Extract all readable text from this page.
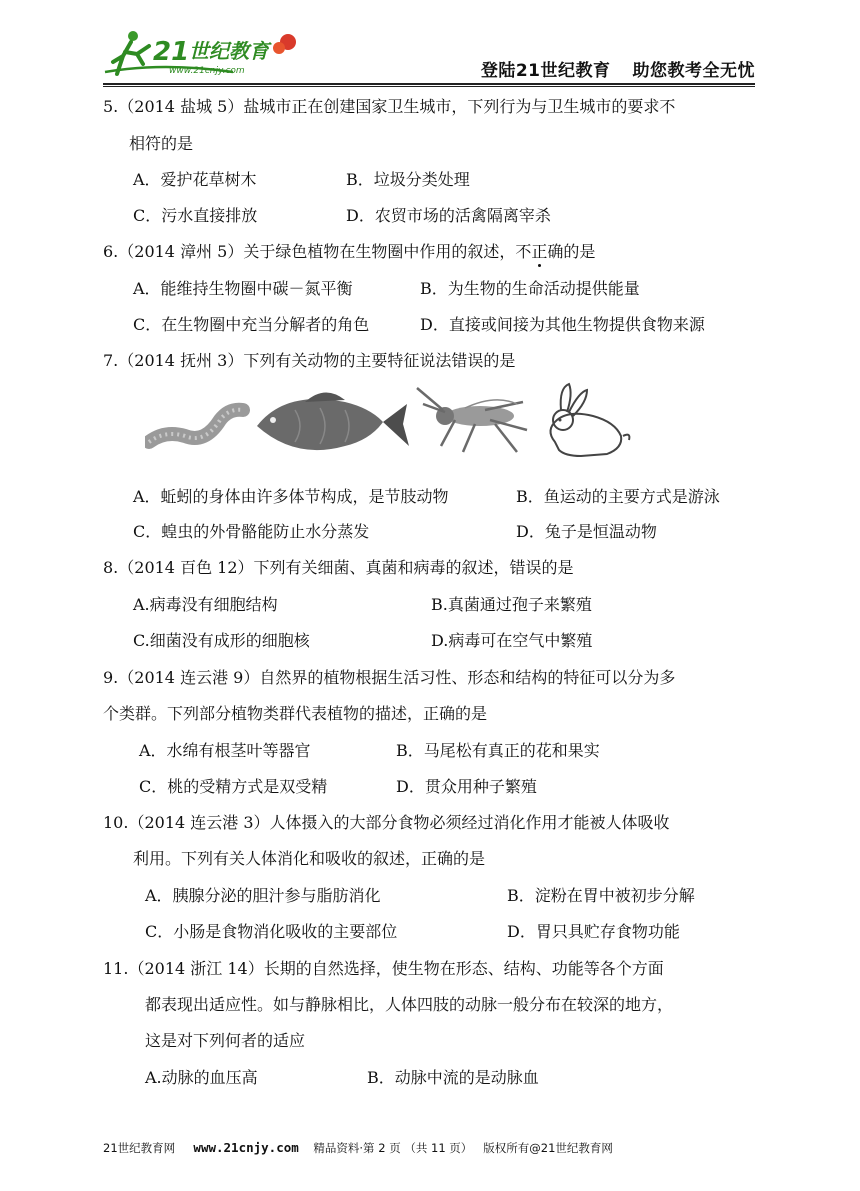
21 世纪教育
www.21cnjy.com	登陆21世纪教育 助您教考全无忧
5.（2014 盐城 5）盐城市正在创建国家卫生城市，下列行为与卫生城市的要求不
相符的是
A．爱护花草树木	B．垃圾分类处理
C．污水直接排放	D．农贸市场的活禽隔离宰杀
6.（2014 漳州 5）关于绿色植物在生物圈中作用的叙述，不正确的是
A．能维持生物圈中碳－氮平衡	B．为生物的生命活动提供能量
C．在生物圈中充当分解者的角色	D．直接或间接为其他生物提供食物来源
7.（2014 抚州 3）下列有关动物的主要特征说法错误的是
A．蚯蚓的身体由许多体节构成，是节肢动物	B．鱼运动的主要方式是游泳
C．蝗虫的外骨骼能防止水分蒸发	D．兔子是恒温动物
8.（2014 百色 12）下列有关细菌、真菌和病毒的叙述，错误的是
A.病毒没有细胞结构	B.真菌通过孢子来繁殖
C.细菌没有成形的细胞核	D.病毒可在空气中繁殖
9.（2014 连云港 9）自然界的植物根据生活习性、形态和结构的特征可以分为多
个类群。下列部分植物类群代表植物的描述，正确的是
A．水绵有根茎叶等器官	B．马尾松有真正的花和果实
C．桃的受精方式是双受精	D．贯众用种子繁殖
10.（2014 连云港 3）人体摄入的大部分食物必须经过消化作用才能被人体吸收
利用。下列有关人体消化和吸收的叙述，正确的是
A．胰腺分泌的胆汁参与脂肪消化	B．淀粉在胃中被初步分解
C．小肠是食物消化吸收的主要部位	D．胃只具贮存食物功能
11.（2014 浙江 14）长期的自然选择，使生物在形态、结构、功能等各个方面
都表现出适应性。如与静脉相比，人体四肢的动脉一般分布在较深的地方，
这是对下列何者的适应
A.动脉的血压高	B．动脉中流的是动脉血
21世纪教育网 www.21cnjy.com 精品资料·第 2 页 （共 11 页） 版权所有@21世纪教育网
